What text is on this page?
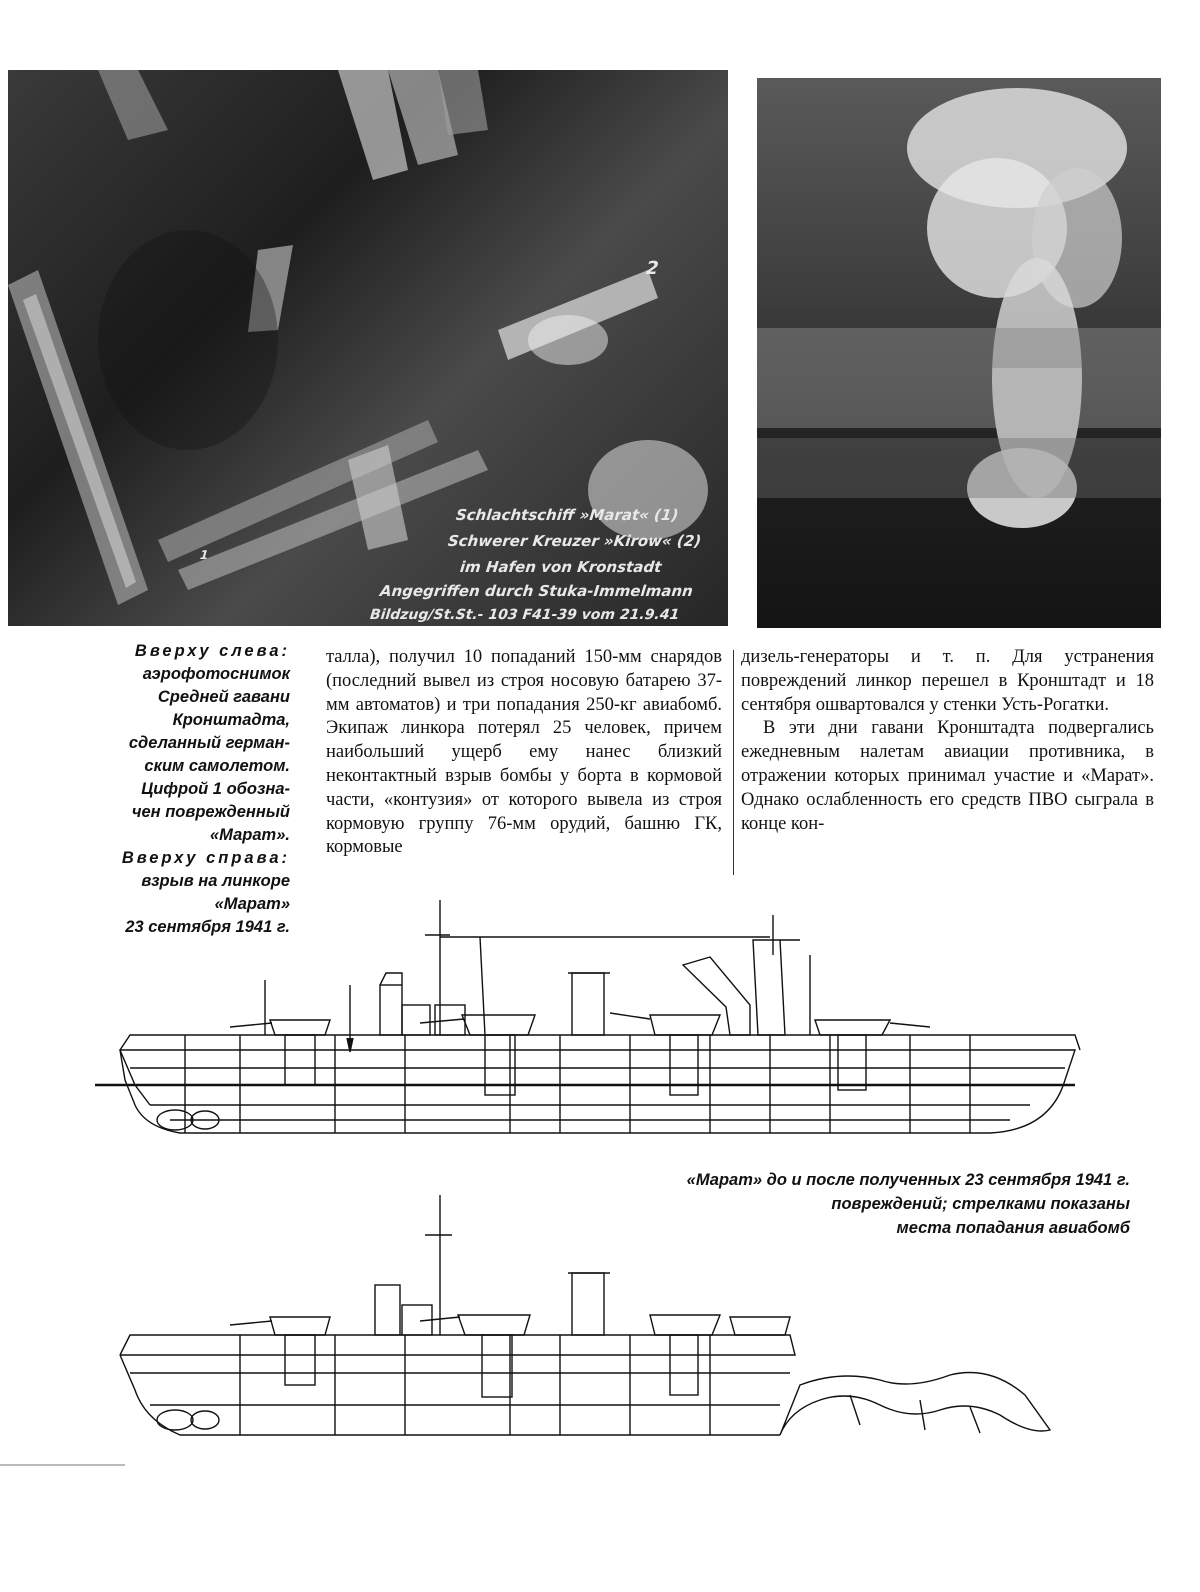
Schlachtschiff »Marat« (1)
Schwerer Kreuzer »Kirow« (2)
im Hafen von Kronstadt
Angegriffen durch Stuka-Immelmann
Bildzug/St.St.- 103 F41-39 vom 21.9.41
1
2
Вверху слева:
аэрофотоснимок
Средней гавани
Кронштадта,
сделанный герман-
ским самолетом.
Цифрой 1 обозна-
чен поврежденный
«Марат».
Вверху справа:
взрыв на линкоре
«Марат»
23 сентября 1941 г.

талла), получил 10 попаданий 150-мм снарядов (последний вывел из строя носовую батарею 37-мм автоматов) и три попадания 250-кг авиабомб. Экипаж линкора потерял 25 человек, причем наибольший ущерб ему нанес близкий неконтактный взрыв бомбы у борта в кормовой части, «контузия» от которого вывела из строя кормовую группу 76-мм орудий, башню ГК, кормовые

дизель-генераторы и т. п. Для устранения повреждений линкор перешел в Кронштадт и 18 сентября ошвартовался у стенки Усть-Рогатки.

В эти дни гавани Кронштадта подвергались ежедневным налетам авиации противника, в отражении которых принимал участие и «Марат». Однако ослабленность его средств ПВО сыграла в конце кон-

«Марат» до и после полученных 23 сентября 1941 г.
повреждений; стрелками показаны
места попадания авиабомб
